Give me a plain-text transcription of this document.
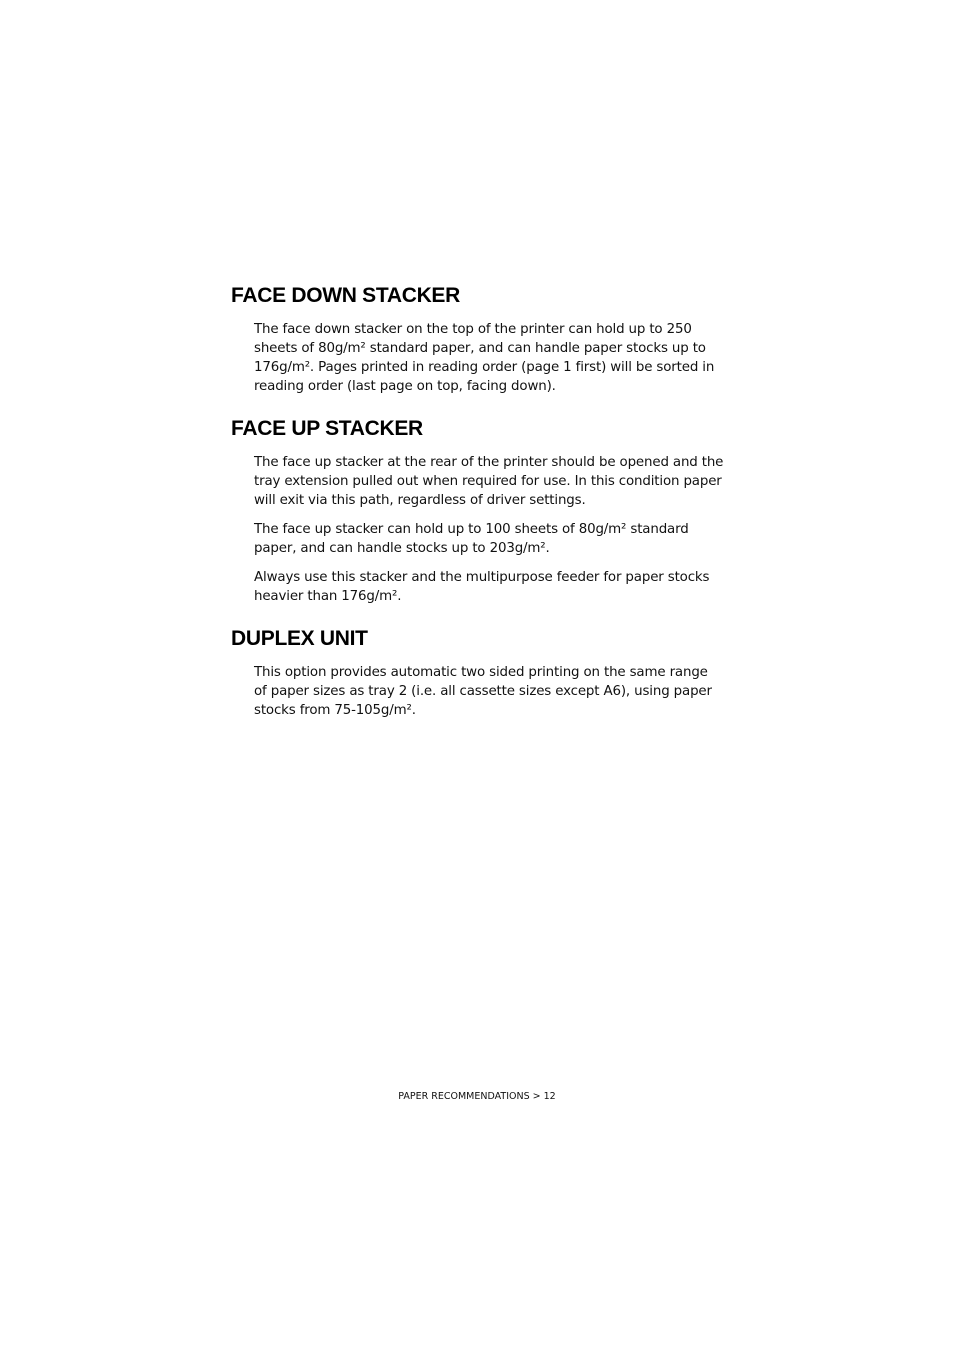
FACE DOWN STACKER

The face down stacker on the top of the printer can hold up to 250 sheets of 80g/m² standard paper, and can handle paper stocks up to 176g/m². Pages printed in reading order (page 1 first) will be sorted in reading order (last page on top, facing down).

FACE UP STACKER

The face up stacker at the rear of the printer should be opened and the tray extension pulled out when required for use. In this condition paper will exit via this path, regardless of driver settings.

The face up stacker can hold up to 100 sheets of 80g/m² standard paper, and can handle stocks up to 203g/m².

Always use this stacker and the multipurpose feeder for paper stocks heavier than 176g/m².

DUPLEX UNIT

This option provides automatic two sided printing on the same range of paper sizes as tray 2 (i.e. all cassette sizes except A6), using paper stocks from 75-105g/m².

PAPER RECOMMENDATIONS > 12
